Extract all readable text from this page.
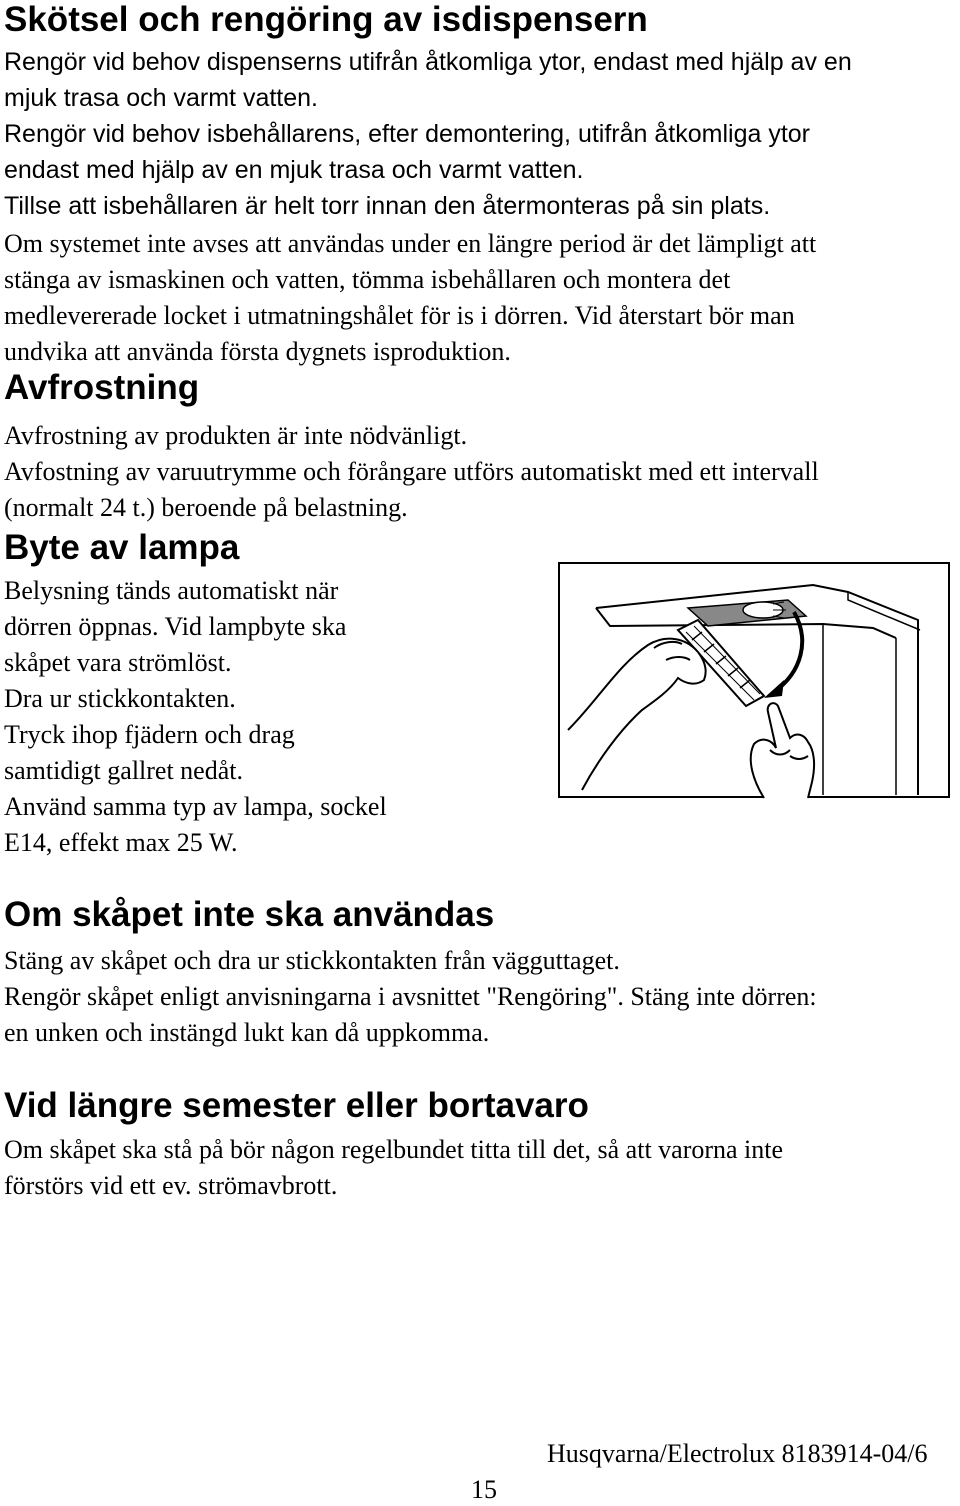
Skötsel och rengöring av isdispensern
Rengör vid behov dispenserns utifrån åtkomliga ytor, endast med hjälp av en
mjuk trasa och varmt vatten.
Rengör vid behov isbehållarens, efter demontering, utifrån åtkomliga ytor
endast med hjälp av en mjuk trasa och varmt vatten.
Tillse att isbehållaren är helt torr innan den återmonteras på sin plats.
Om systemet inte avses att användas under en längre period är det lämpligt att
stänga av ismaskinen och vatten, tömma isbehållaren och montera det
medlevererade locket i utmatningshålet för is i dörren. Vid återstart bör man
undvika att använda första dygnets isproduktion.
Avfrostning
Avfrostning av produkten är inte nödvänligt.
Avfostning av varuutrymme och förångare utförs automatiskt med ett intervall
(normalt 24 t.) beroende på belastning.
Byte av lampa
Belysning tänds automatiskt när
dörren öppnas. Vid lampbyte ska
skåpet vara strömlöst.
Dra ur stickkontakten.
Tryck ihop fjädern och drag
samtidigt gallret nedåt.
Använd samma typ av lampa, sockel
E14, effekt max 25 W.
Om skåpet inte ska användas
Stäng av skåpet och dra ur stickkontakten från vägguttaget.
Rengör skåpet enligt anvisningarna i avsnittet "Rengöring". Stäng inte dörren:
en unken och instängd lukt kan då uppkomma.
Vid längre semester eller bortavaro
Om skåpet ska stå på bör någon regelbundet titta till det, så att varorna inte
förstörs vid ett ev. strömavbrott.
Husqvarna/Electrolux 8183914-04/6
15
